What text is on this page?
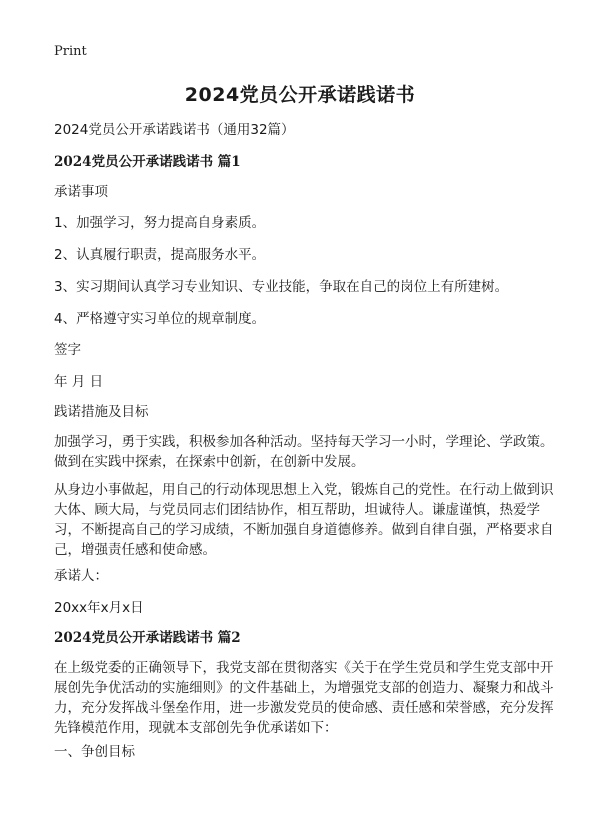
Print
2024党员公开承诺践诺书

2024党员公开承诺践诺书（通用32篇）

2024党员公开承诺践诺书 篇1

承诺事项

1、加强学习，努力提高自身素质。

2、认真履行职责，提高服务水平。

3、实习期间认真学习专业知识、专业技能，争取在自己的岗位上有所建树。

4、严格遵守实习单位的规章制度。

签字

年 月 日

践诺措施及目标

加强学习，勇于实践，积极参加各种活动。坚持每天学习一小时，学理论、学政策。做到在实践中探索，在探索中创新，在创新中发展。

从身边小事做起，用自己的行动体现思想上入党，锻炼自己的党性。在行动上做到识大体、顾大局，与党员同志们团结协作，相互帮助，坦诚待人。谦虚谨慎，热爱学习，不断提高自己的学习成绩，不断加强自身道德修养。做到自律自强，严格要求自己，增强责任感和使命感。

承诺人：

20xx年x月x日

2024党员公开承诺践诺书 篇2

在上级党委的正确领导下，我党支部在贯彻落实《关于在学生党员和学生党支部中开展创先争优活动的实施细则》的文件基础上，为增强党支部的创造力、凝聚力和战斗力，充分发挥战斗堡垒作用，进一步激发党员的使命感、责任感和荣誉感，充分发挥先锋模范作用，现就本支部创先争优承诺如下：

一、争创目标
